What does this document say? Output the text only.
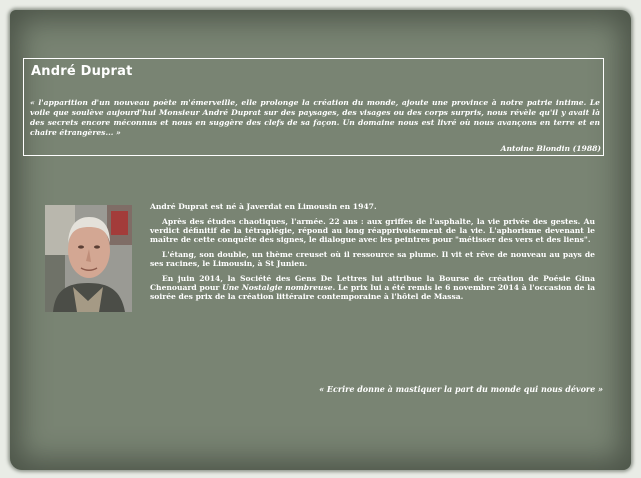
André Duprat

« l'apparition d'un nouveau poète m'émerveille, elle prolonge la création du monde, ajoute une province à notre patrie intime. Le voile que soulève aujourd'hui Monsieur André Duprat sur des paysages, des visages ou des corps surpris, nous révèle qu'il y avait là des secrets encore méconnus et nous en suggère des clefs de sa façon. Un domaine nous est livré où nous avançons en terre et en chaire étrangères... »

Antoine Blondin (1988)

André Duprat est né à Javerdat en Limousin en 1947.

Après des études chaotiques, l'armée. 22 ans : aux griffes de l'asphalte, la vie privée des gestes. Au verdict définitif de la tétraplégie, répond au long réapprivoisement de la vie. L'aphorisme devenant le maître de cette conquête des signes, le dialogue avec les peintres pour "métisser des vers et des liens".

L'étang, son double, un thème creuset où il ressource sa plume. Il vit et rêve de nouveau au pays de ses racines, le Limousin, à St Junien.

En juin 2014, la Société des Gens De Lettres lui attribue la Bourse de création de Poésie Gina Chenouard pour Une Nostalgie nombreuse. Le prix lui a été remis le 6 novembre 2014 à l'occasion de la soirée des prix de la création littéraire contemporaine à l'hôtel de Massa.

« Ecrire donne à mastiquer la part du monde qui nous dévore »
